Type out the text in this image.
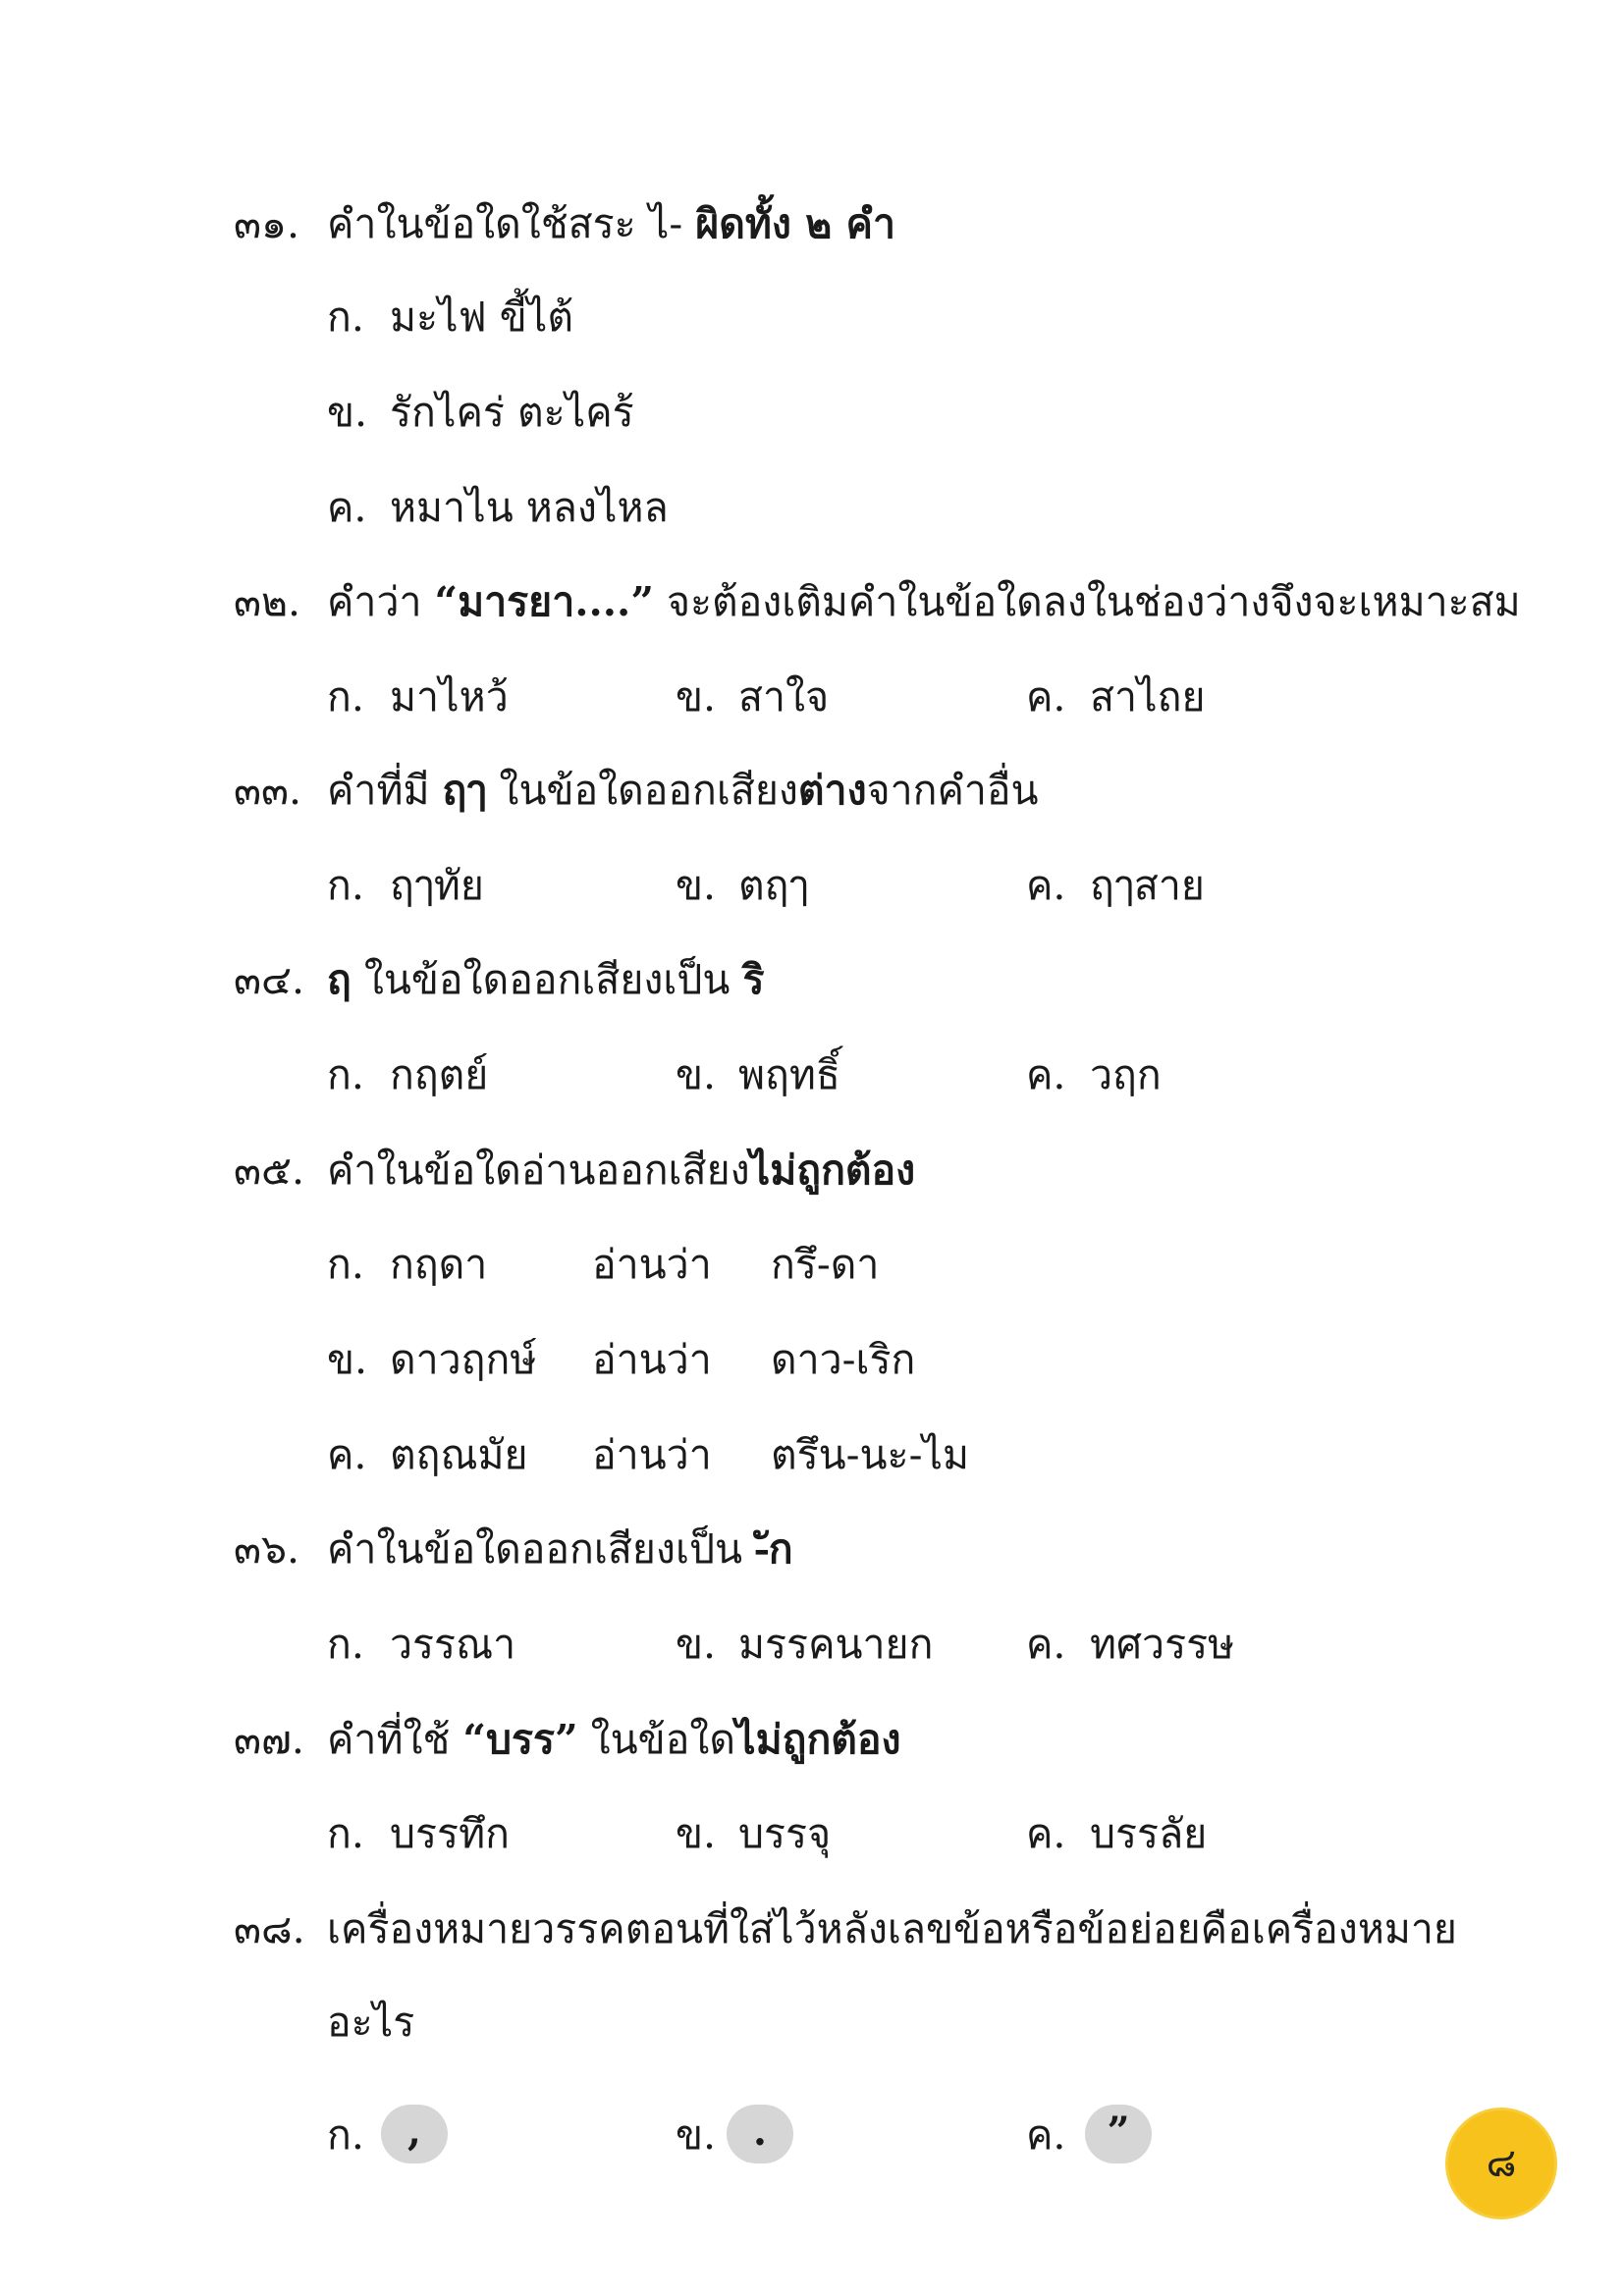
๓๑. คำในข้อใดใช้สระ ไ- ผิดทั้ง ๒ คำ
ก. มะไฟ ขี้ไต้
ข. รักไคร่ ตะไคร้
ค. หมาไน หลงไหล
๓๒. คำว่า “มารยา....” จะต้องเติมคำในข้อใดลงในช่องว่างจึงจะเหมาะสม
ก. มาไหว้	ข. สาใจ	ค. สาไถย
๓๓. คำที่มี ฤๅ ในข้อใดออกเสียงต่างจากคำอื่น
ก. ฤๅทัย	ข. ตฤๅ	ค. ฤๅสาย
๓๔. ฤ ในข้อใดออกเสียงเป็น ริ
ก. กฤตย์	ข. พฤทธิ์	ค. วฤก
๓๕. คำในข้อใดอ่านออกเสียงไม่ถูกต้อง
ก. กฤดา	อ่านว่า กรึ-ดา
ข. ดาวฤกษ์ อ่านว่า ดาว-เริก
ค. ตฤณมัย อ่านว่า ตรึน-นะ-ไม
๓๖. คำในข้อใดออกเสียงเป็น -ัก
ก. วรรณา	ข. มรรคนายก ค. ทศวรรษ
๓๗. คำที่ใช้ “บรร” ในข้อใดไม่ถูกต้อง
ก. บรรทึก	ข. บรรจุ	ค. บรรลัย
๓๘. เครื่องหมายวรรคตอนที่ใส่ไว้หลังเลขข้อหรือข้อย่อยคือเครื่องหมาย
อะไร
ก.	,	ข. .	ค.	”
๘
